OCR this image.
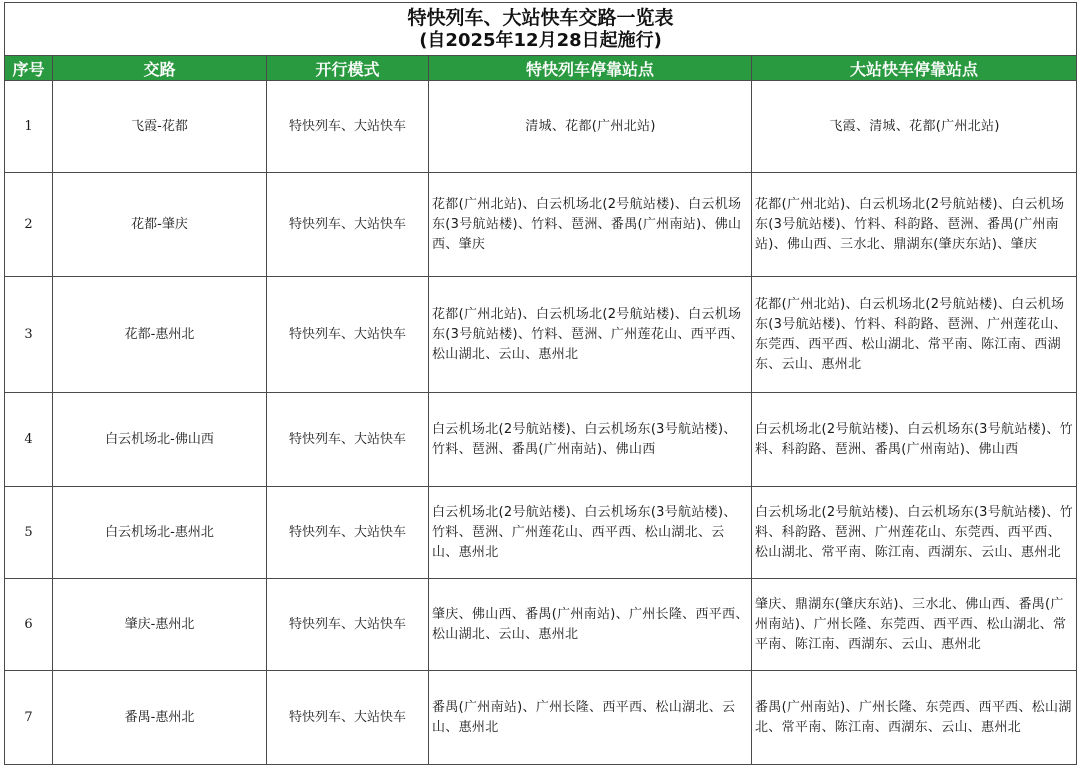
特快列车、大站快车交路一览表
(自2025年12月28日起施行)				

序号	交路	开行模式	特快列车停靠站点	大站快车停靠站点
1	飞霞-花都	特快列车、大站快车	清城、花都(广州北站)	飞霞、清城、花都(广州北站)
2	花都-肇庆	特快列车、大站快车	花都(广州北站)、白云机场北(2号航站楼)、白云机场东(3号航站楼)、竹料、琶洲、番禺(广州南站)、佛山西、肇庆	花都(广州北站)、白云机场北(2号航站楼)、白云机场东(3号航站楼)、竹料、科韵路、琶洲、番禺(广州南站)、佛山西、三水北、鼎湖东(肇庆东站)、肇庆
3	花都-惠州北	特快列车、大站快车	花都(广州北站)、白云机场北(2号航站楼)、白云机场东(3号航站楼)、竹料、琶洲、广州莲花山、西平西、松山湖北、云山、惠州北	花都(广州北站)、白云机场北(2号航站楼)、白云机场东(3号航站楼)、竹料、科韵路、琶洲、广州莲花山、东莞西、西平西、松山湖北、常平南、陈江南、西湖东、云山、惠州北
4	白云机场北-佛山西	特快列车、大站快车	白云机场北(2号航站楼)、白云机场东(3号航站楼)、竹料、琶洲、番禺(广州南站)、佛山西	白云机场北(2号航站楼)、白云机场东(3号航站楼)、竹料、科韵路、琶洲、番禺(广州南站)、佛山西
5	白云机场北-惠州北	特快列车、大站快车	白云机场北(2号航站楼)、白云机场东(3号航站楼)、竹料、琶洲、广州莲花山、西平西、松山湖北、云山、惠州北	白云机场北(2号航站楼)、白云机场东(3号航站楼)、竹料、科韵路、琶洲、广州莲花山、东莞西、西平西、松山湖北、常平南、陈江南、西湖东、云山、惠州北
6	肇庆-惠州北	特快列车、大站快车	肇庆、佛山西、番禺(广州南站)、广州长隆、西平西、松山湖北、云山、惠州北	肇庆、鼎湖东(肇庆东站)、三水北、佛山西、番禺(广州南站)、广州长隆、东莞西、西平西、松山湖北、常平南、陈江南、西湖东、云山、惠州北
7	番禺-惠州北	特快列车、大站快车	番禺(广州南站)、广州长隆、西平西、松山湖北、云山、惠州北	番禺(广州南站)、广州长隆、东莞西、西平西、松山湖北、常平南、陈江南、西湖东、云山、惠州北
